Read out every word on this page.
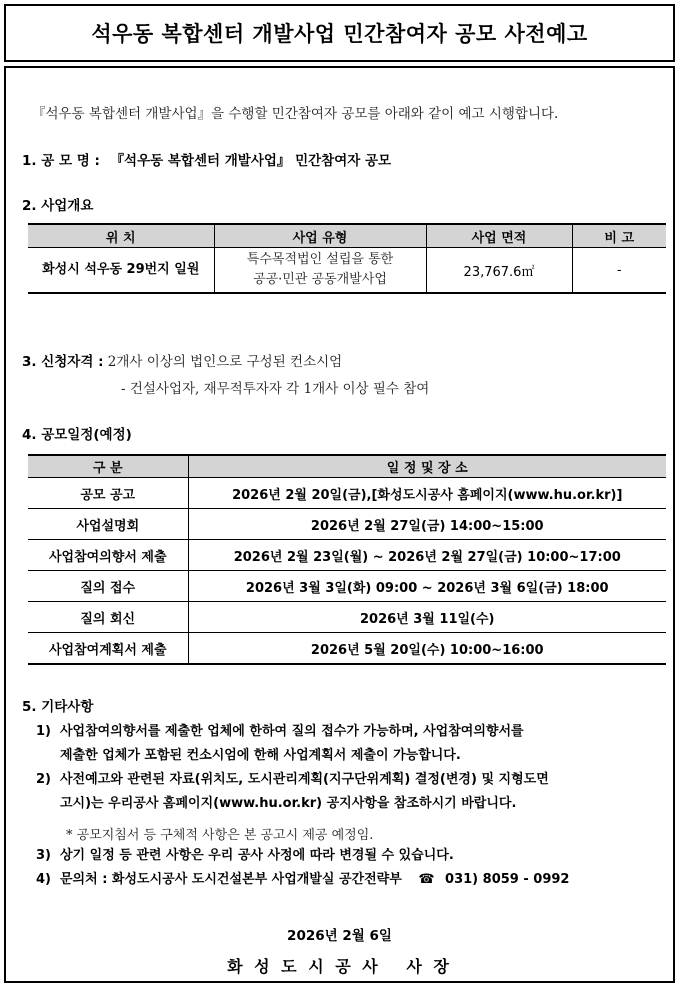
석우동 복합센터 개발사업 민간참여자 공모 사전예고
『석우동 복합센터 개발사업』을 수행할 민간참여자 공모를 아래와 같이 예고 시행합니다.
1. 공 모 명 : 『석우동 복합센터 개발사업』 민간참여자 공모
2. 사업개요
위 치	사업 유형	사업 면적	비 고
화성시 석우동 29번지 일원	특수목적법인 설립을 통한
공공·민관 공동개발사업	23,767.6㎡	-
3. 신청자격 : 2개사 이상의 법인으로 구성된 컨소시엄
- 건설사업자, 재무적투자자 각 1개사 이상 필수 참여
4. 공모일정(예정)
구 분	일 정 및 장 소
공모 공고	2026년 2월 20일(금),[화성도시공사 홈페이지(www.hu.or.kr)]
사업설명회	2026년 2월 27일(금) 14:00~15:00
사업참여의향서 제출	2026년 2월 23일(월) ~ 2026년 2월 27일(금) 10:00~17:00
질의 접수	2026년 3월 3일(화) 09:00 ~ 2026년 3월 6일(금) 18:00
질의 회신	2026년 3월 11일(수)
사업참여계획서 제출	2026년 5월 20일(수) 10:00~16:00
5. 기타사항
1) 사업참여의향서를 제출한 업체에 한하여 질의 접수가 가능하며, 사업참여의향서를
제출한 업체가 포함된 컨소시엄에 한해 사업계획서 제출이 가능합니다.
2) 사전예고와 관련된 자료(위치도, 도시관리계획(지구단위계획) 결정(변경) 및 지형도면
고시)는 우리공사 홈페이지(www.hu.or.kr) 공지사항을 참조하시기 바랍니다.
* 공모지침서 등 구체적 사항은 본 공고시 제공 예정임.
3) 상기 일정 등 관련 사항은 우리 공사 사정에 따라 변경될 수 있습니다.
4) 문의처 : 화성도시공사 도시건설본부 사업개발실 공간전략부 ☎ 031) 8059 - 0992
2026년 2월 6일
화 성 도 시 공 사   사 장
